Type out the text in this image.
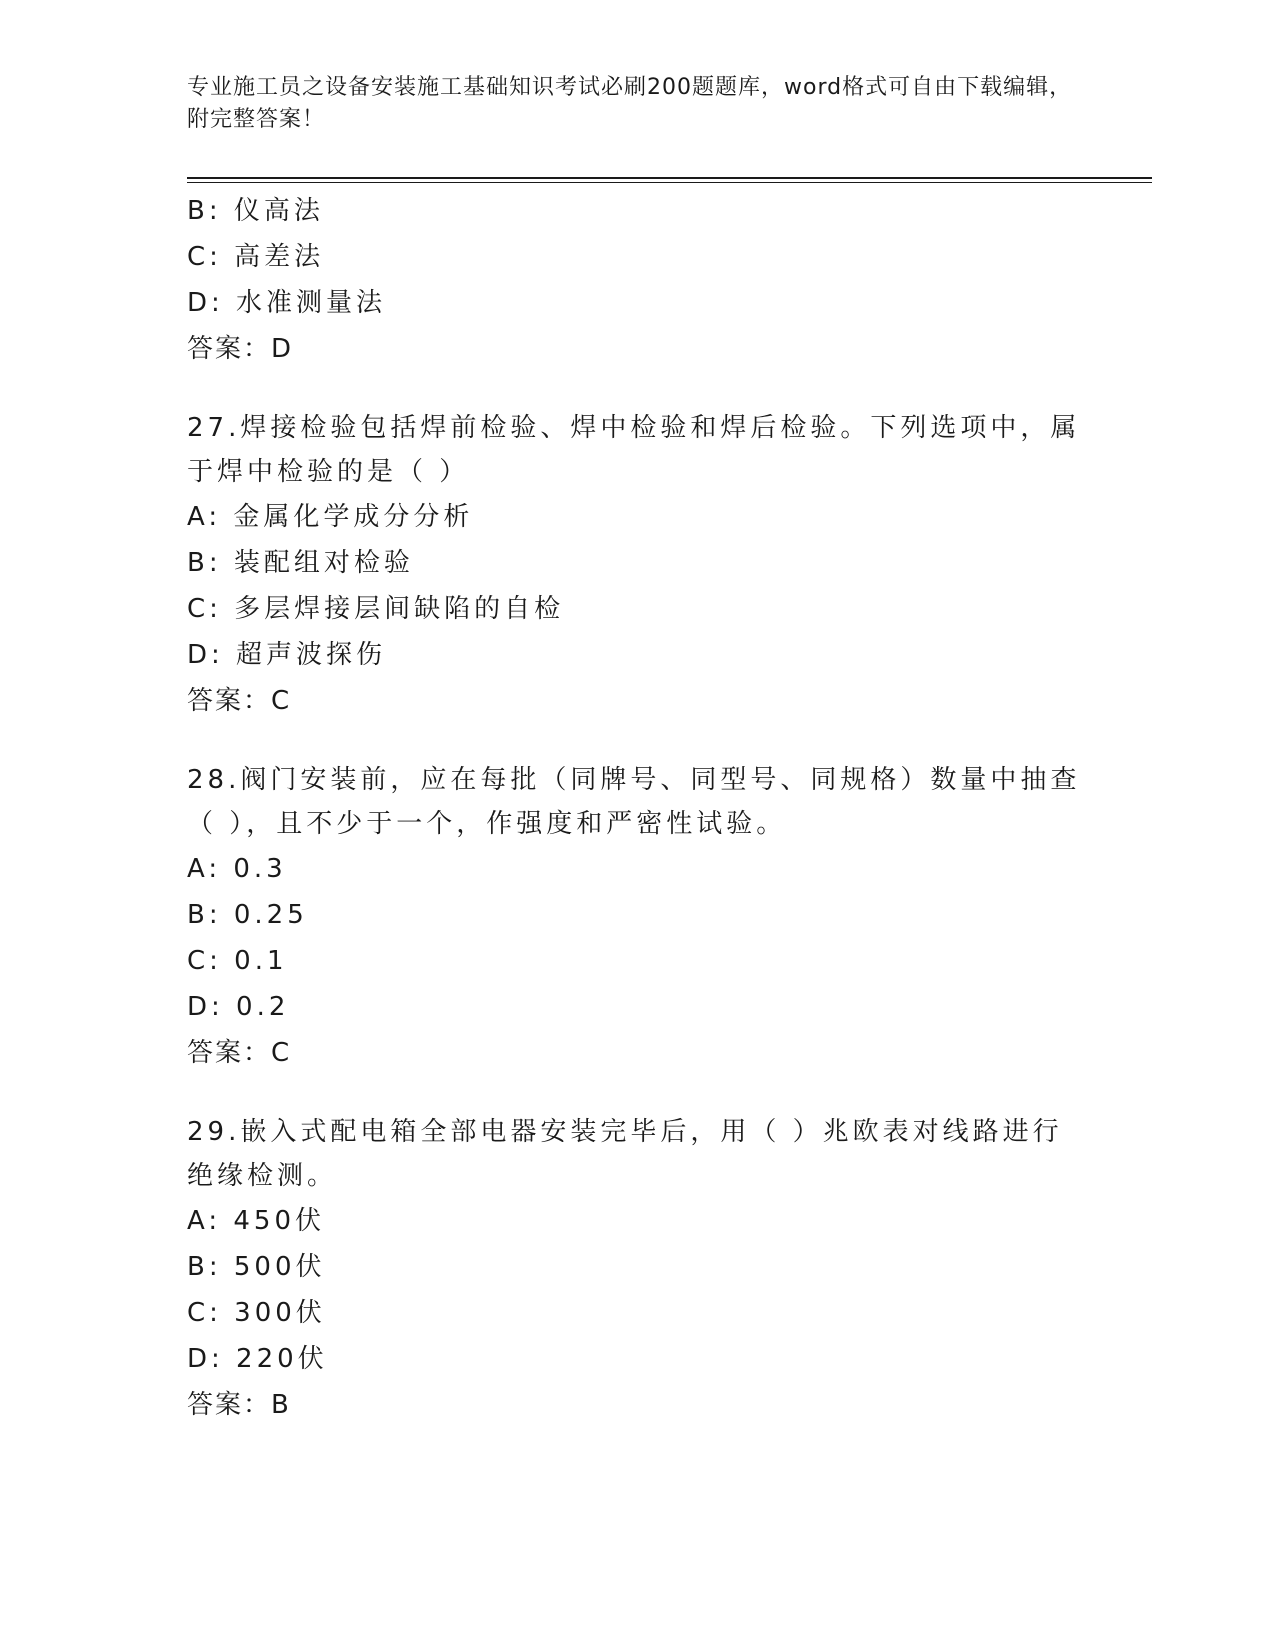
专业施工员之设备安装施工基础知识考试必刷200题题库，word格式可自由下载编辑，附完整答案！
B: 仪高法
C: 高差法
D: 水准测量法
答案：D
27.焊接检验包括焊前检验、焊中检验和焊后检验。下列选项中，属于焊中检验的是（ ）
A: 金属化学成分分析
B: 装配组对检验
C: 多层焊接层间缺陷的自检
D: 超声波探伤
答案：C
28.阀门安装前，应在每批（同牌号、同型号、同规格）数量中抽查（ ），且不少于一个，作强度和严密性试验。
A: 0.3
B: 0.25
C: 0.1
D: 0.2
答案：C
29.嵌入式配电箱全部电器安装完毕后，用（ ）兆欧表对线路进行绝缘检测。
A: 450伏
B: 500伏
C: 300伏
D: 220伏
答案：B
